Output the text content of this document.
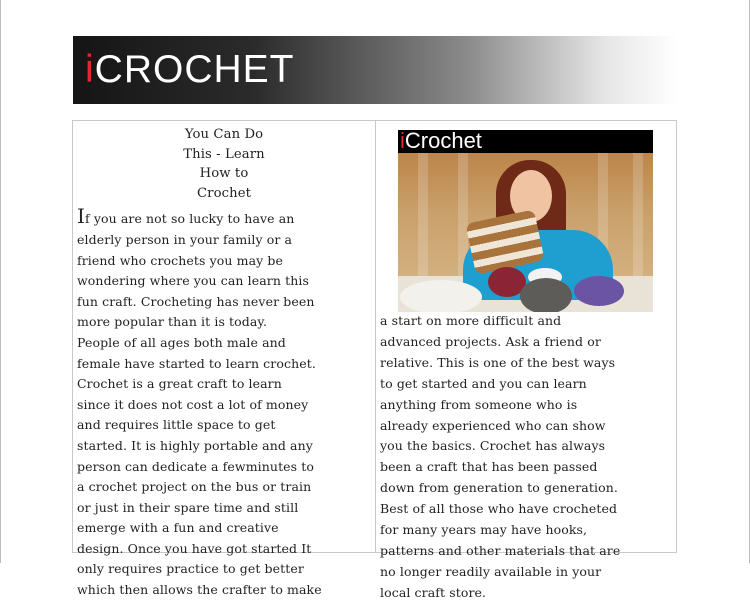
iCROCHET
You Can Do
This - Learn
How to
Crochet
If you are not so lucky to have an
elderly person in your family or a
friend who crochets you may be
wondering where you can learn this
fun craft. Crocheting has never been
more popular than it is today.
People of all ages both male and
female have started to learn crochet.
Crochet is a great craft to learn
since it does not cost a lot of money
and requires little space to get
started. It is highly portable and any
person can dedicate a fewminutes to
a crochet project on the bus or train
or just in their spare time and still
emerge with a fun and creative
design. Once you have got started It
only requires practice to get better
which then allows the crafter to make
iCrochet
a start on more difficult and
advanced projects. Ask a friend or
relative. This is one of the best ways
to get started and you can learn
anything from someone who is
already experienced who can show
you the basics. Crochet has always
been a craft that has been passed
down from generation to generation.
Best of all those who have crocheted
for many years may have hooks,
patterns and other materials that are
no longer readily available in your
local craft store.
